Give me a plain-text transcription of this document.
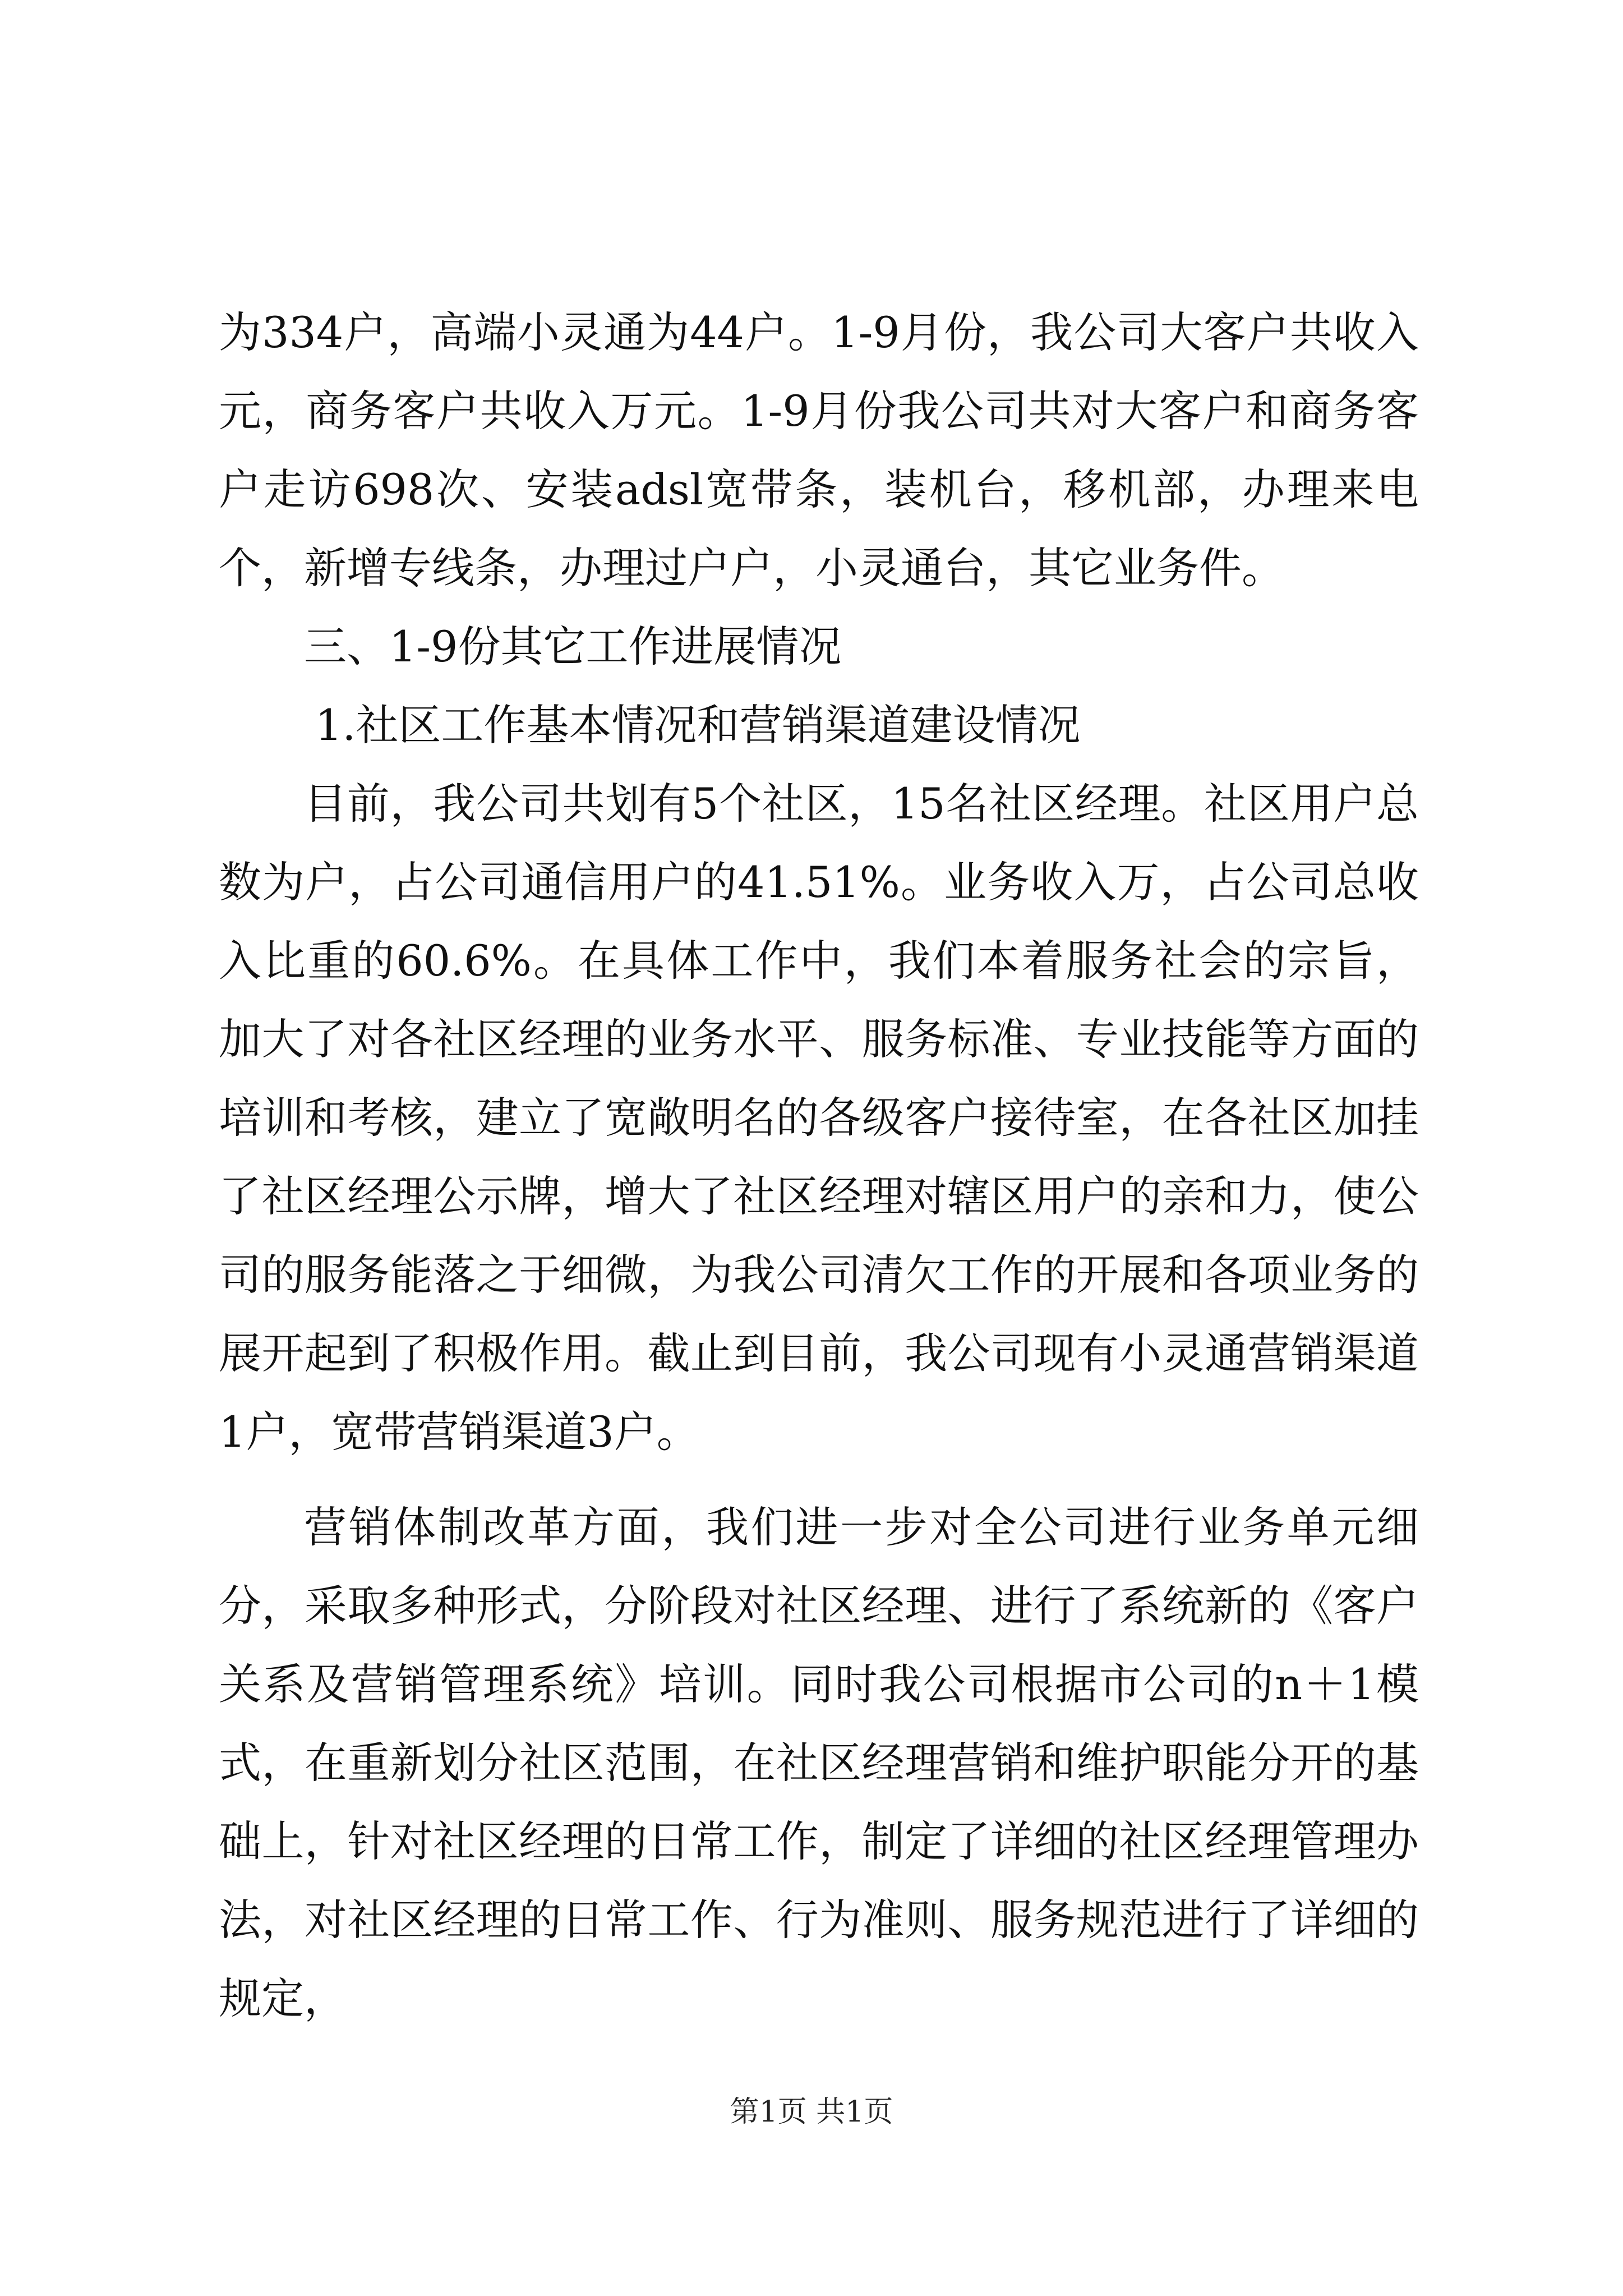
为334户，高端小灵通为44户。1-9月份，我公司大客户共收入元，商务客户共收入万元。1-9月份我公司共对大客户和商务客户走访698次、安装adsl宽带条，装机台，移机部，办理来电个，新增专线条，办理过户户，小灵通台，其它业务件。

三、1-9份其它工作进展情况

1.社区工作基本情况和营销渠道建设情况

目前，我公司共划有5个社区，15名社区经理。社区用户总数为户，占公司通信用户的41.51%。业务收入万，占公司总收入比重的60.6%。在具体工作中，我们本着服务社会的宗旨，加大了对各社区经理的业务水平、服务标准、专业技能等方面的培训和考核，建立了宽敞明名的各级客户接待室，在各社区加挂了社区经理公示牌，增大了社区经理对辖区用户的亲和力，使公司的服务能落之于细微，为我公司清欠工作的开展和各项业务的展开起到了积极作用。截止到目前，我公司现有小灵通营销渠道1户，宽带营销渠道3户。

营销体制改革方面，我们进一步对全公司进行业务单元细分，采取多种形式，分阶段对社区经理、进行了系统新的《客户关系及营销管理系统》培训。同时我公司根据市公司的n＋1模式，在重新划分社区范围，在社区经理营销和维护职能分开的基础上，针对社区经理的日常工作，制定了详细的社区经理管理办法，对社区经理的日常工作、行为准则、服务规范进行了详细的规定，

第1页 共1页
